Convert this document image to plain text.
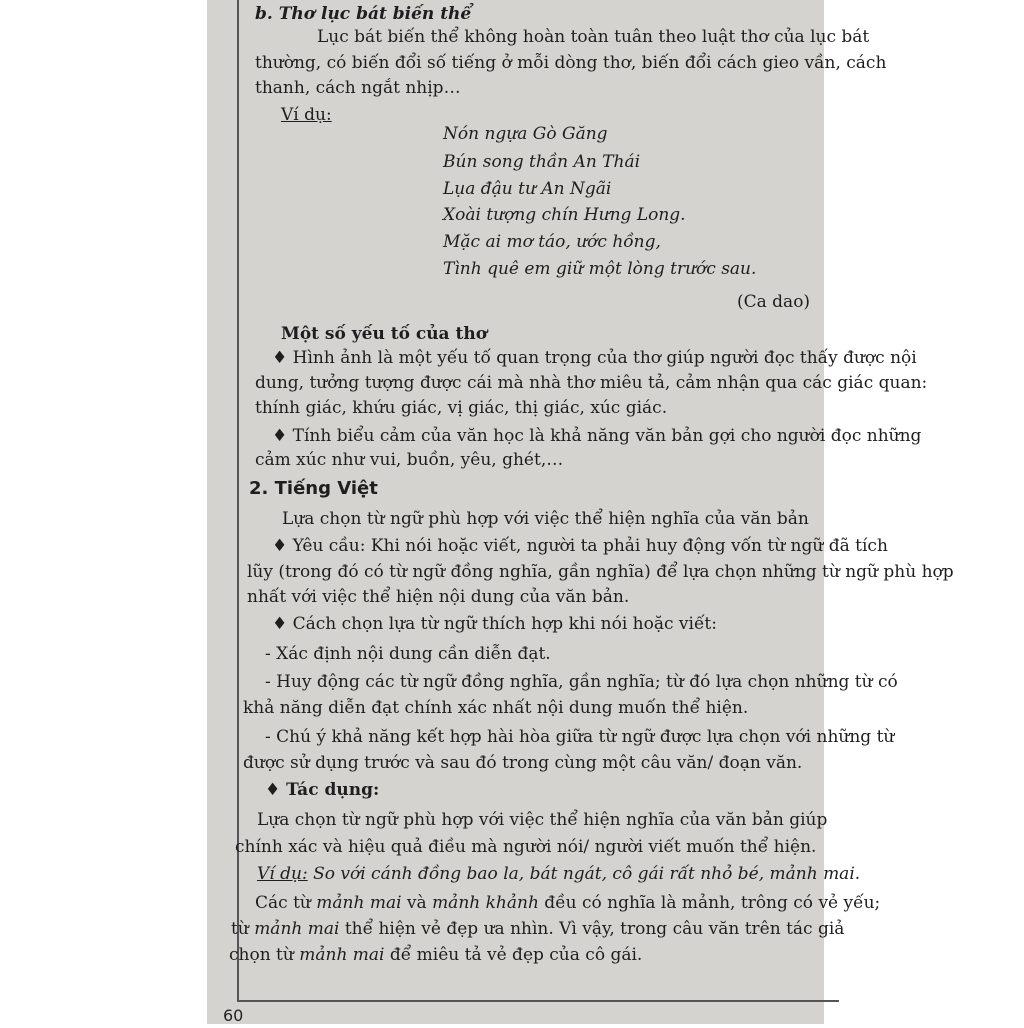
b. Thơ lục bát biến thể
Lục bát biến thể không hoàn toàn tuân theo luật thơ của lục bát
thường, có biến đổi số tiếng ở mỗi dòng thơ, biến đổi cách gieo vần, cách
thanh, cách ngắt nhịp…
Ví dụ:
Nón ngựa Gò Găng
Bún song thần An Thái
Lụa đậu tư An Ngãi
Xoài tượng chín Hưng Long.
Mặc ai mơ táo, ước hồng,
Tình quê em giữ một lòng trước sau.
(Ca dao)
Một số yếu tố của thơ
♦ Hình ảnh là một yếu tố quan trọng của thơ giúp người đọc thấy được nội
dung, tưởng tượng được cái mà nhà thơ miêu tả, cảm nhận qua các giác quan:
thính giác, khứu giác, vị giác, thị giác, xúc giác.
♦ Tính biểu cảm của văn học là khả năng văn bản gợi cho người đọc những
cảm xúc như vui, buồn, yêu, ghét,…
2. Tiếng Việt
Lựa chọn từ ngữ phù hợp với việc thể hiện nghĩa của văn bản
♦ Yêu cầu: Khi nói hoặc viết, người ta phải huy động vốn từ ngữ đã tích
lũy (trong đó có từ ngữ đồng nghĩa, gần nghĩa) để lựa chọn những từ ngữ phù hợp
nhất với việc thể hiện nội dung của văn bản.
♦ Cách chọn lựa từ ngữ thích hợp khi nói hoặc viết:
- Xác định nội dung cần diễn đạt.
- Huy động các từ ngữ đồng nghĩa, gần nghĩa; từ đó lựa chọn những từ có
khả năng diễn đạt chính xác nhất nội dung muốn thể hiện.
- Chú ý khả năng kết hợp hài hòa giữa từ ngữ được lựa chọn với những từ
được sử dụng trước và sau đó trong cùng một câu văn/ đoạn văn.
♦ Tác dụng:
Lựa chọn từ ngữ phù hợp với việc thể hiện nghĩa của văn bản giúp
chính xác và hiệu quả điều mà người nói/ người viết muốn thể hiện.
Ví dụ: So với cánh đồng bao la, bát ngát, cô gái rất nhỏ bé, mảnh mai.
Các từ mảnh mai và mảnh khảnh đều có nghĩa là mảnh, trông có vẻ yếu;
từ mảnh mai thể hiện vẻ đẹp ưa nhìn. Vì vậy, trong câu văn trên tác giả
chọn từ mảnh mai để miêu tả vẻ đẹp của cô gái.
60
